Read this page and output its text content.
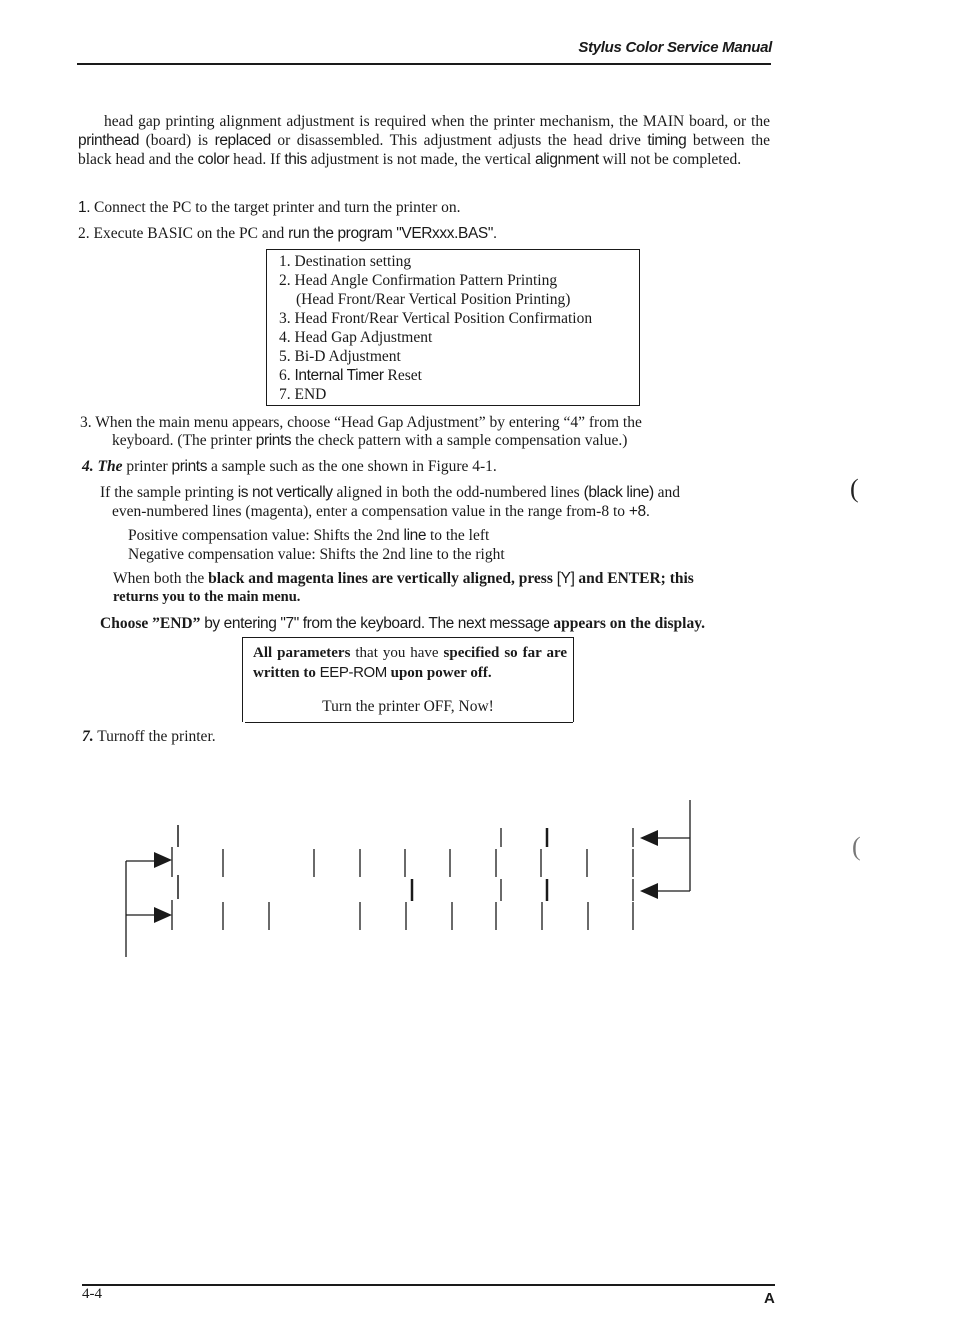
Stylus Color Service Manual
head gap printing alignment adjustment is required when the printer mechanism, the MAIN board, or the printhead (board) is replaced or disassembled. This adjustment adjusts the head drive timing between the black head and the color head. If this adjustment is not made, the vertical alignment will not be completed.
1. Connect the PC to the target printer and turn the printer on.
2. Execute BASIC on the PC and run the program "VERxxx.BAS".
1. Destination setting
2. Head Angle Confirmation Pattern Printing
(Head Front/Rear Vertical Position Printing)
3. Head Front/Rear Vertical Position Confirmation
4. Head Gap Adjustment
5. Bi-D Adjustment
6. Internal Timer Reset
7. END
3. When the main menu appears, choose “Head Gap Adjustment” by entering “4” from the
keyboard. (The printer prints the check pattern with a sample compensation value.)
4. The printer prints a sample such as the one shown in Figure 4-1.
If the sample printing is not vertically aligned in both the odd-numbered lines (black line) and
even-numbered lines (magenta), enter a compensation value in the range from-8 to +8.
Positive compensation value: Shifts the 2nd line to the left
Negative compensation value: Shifts the 2nd line to the right
When both the black and magenta lines are vertically aligned, press [Y] and ENTER; this
returns you to the main menu.
Choose ”END” by entering "7" from the keyboard. The next message appears on the display.
All parameters that you have specified so far are written to EEP-ROM upon power off.
Turn the printer OFF, Now!
7. Turnoff the printer.
(
(
4-4	A
